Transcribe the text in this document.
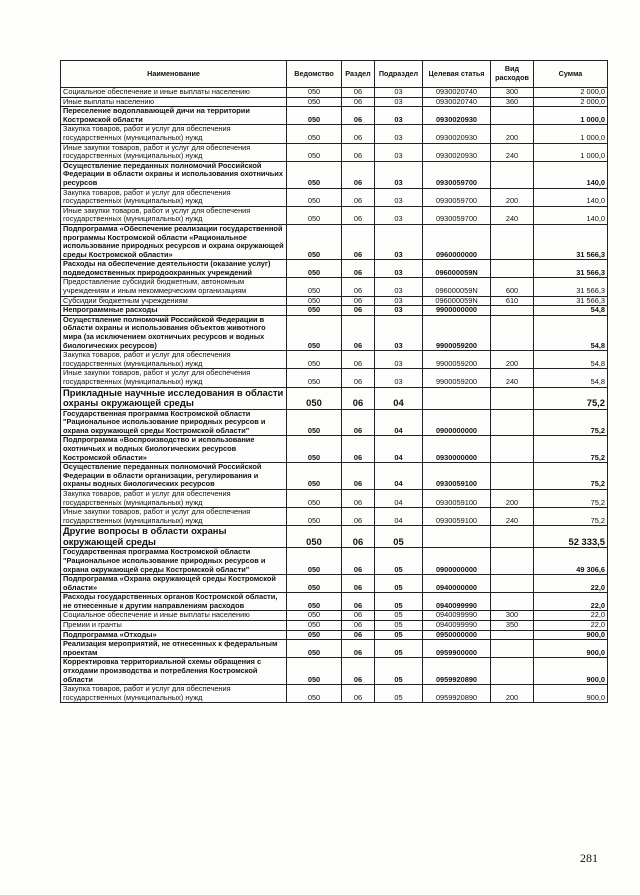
Наименование	Ведомство	Раздел	Подраздел	Целевая статья	Вид расходов	Сумма
Социальное обеспечение и иные выплаты населению	050	06	03	0930020740	300	2 000,0
Иные выплаты населению	050	06	03	0930020740	360	2 000,0
Переселение водоплавающей дичи на территории Костромской области	050	06	03	0930020930		1 000,0
Закупка товаров, работ и услуг для обеспечения государственных (муниципальных) нужд	050	06	03	0930020930	200	1 000,0
Иные закупки товаров, работ и услуг для обеспечения государственных (муниципальных) нужд	050	06	03	0930020930	240	1 000,0
Осуществление переданных полномочий Российской Федерации в области охраны и использования охотничьих ресурсов	050	06	03	0930059700		140,0
Закупка товаров, работ и услуг для обеспечения государственных (муниципальных) нужд	050	06	03	0930059700	200	140,0
Иные закупки товаров, работ и услуг для обеспечения государственных (муниципальных) нужд	050	06	03	0930059700	240	140,0
Подпрограмма «Обеспечение реализации государственной программы Костромской области «Рациональное использование природных ресурсов и охрана окружающей среды Костромской области»	050	06	03	0960000000		31 566,3
Расходы на обеспечение деятельности (оказание услуг) подведомственных природоохранных учреждений	050	06	03	096000059N		31 566,3
Предоставление субсидий бюджетным, автономным учреждениям и иным некоммерческим организациям	050	06	03	096000059N	600	31 566,3
Субсидии бюджетным учреждениям	050	06	03	096000059N	610	31 566,3
Непрограммные расходы	050	06	03	9900000000		54,8
Осуществление полномочий Российской Федерации в области охраны и использования объектов животного мира (за исключением охотничьих ресурсов и водных биологических ресурсов)	050	06	03	9900059200		54,8
Закупка товаров, работ и услуг для обеспечения государственных (муниципальных) нужд	050	06	03	9900059200	200	54,8
Иные закупки товаров, работ и услуг для обеспечения государственных (муниципальных) нужд	050	06	03	9900059200	240	54,8
Прикладные научные исследования в области охраны окружающей среды	050	06	04			75,2
Государственная программа Костромской области "Рациональное использование природных ресурсов и охрана окружающей среды Костромской области"	050	06	04	0900000000		75,2
Подпрограмма «Воспроизводство и использование охотничьих и водных биологических ресурсов Костромской области»	050	06	04	0930000000		75,2
Осуществление переданных полномочий Российской Федерации в области организации, регулирования и охраны водных биологических ресурсов	050	06	04	0930059100		75,2
Закупка товаров, работ и услуг для обеспечения государственных (муниципальных) нужд	050	06	04	0930059100	200	75,2
Иные закупки товаров, работ и услуг для обеспечения государственных (муниципальных) нужд	050	06	04	0930059100	240	75,2
Другие вопросы в области охраны окружающей среды	050	06	05			52 333,5
Государственная программа Костромской области "Рациональное использование природных ресурсов и охрана окружающей среды Костромской области"	050	06	05	0900000000		49 306,6
Подпрограмма «Охрана окружающей среды Костромской области»	050	06	05	0940000000		22,0
Расходы государственных органов Костромской области, не отнесенные к другим направлениям расходов	050	06	05	0940099990		22,0
Социальное обеспечение и иные выплаты населению	050	06	05	0940099990	300	22,0
Премии и гранты	050	06	05	0940099990	350	22,0
Подпрограмма «Отходы»	050	06	05	0950000000		900,0
Реализация мероприятий, не отнесенных к федеральным проектам	050	06	05	0959900000		900,0
Корректировка территориальной схемы обращения с отходами производства и потребления Костромской области	050	06	05	0959920890		900,0
Закупка товаров, работ и услуг для обеспечения государственных (муниципальных) нужд	050	06	05	0959920890	200	900,0
281
